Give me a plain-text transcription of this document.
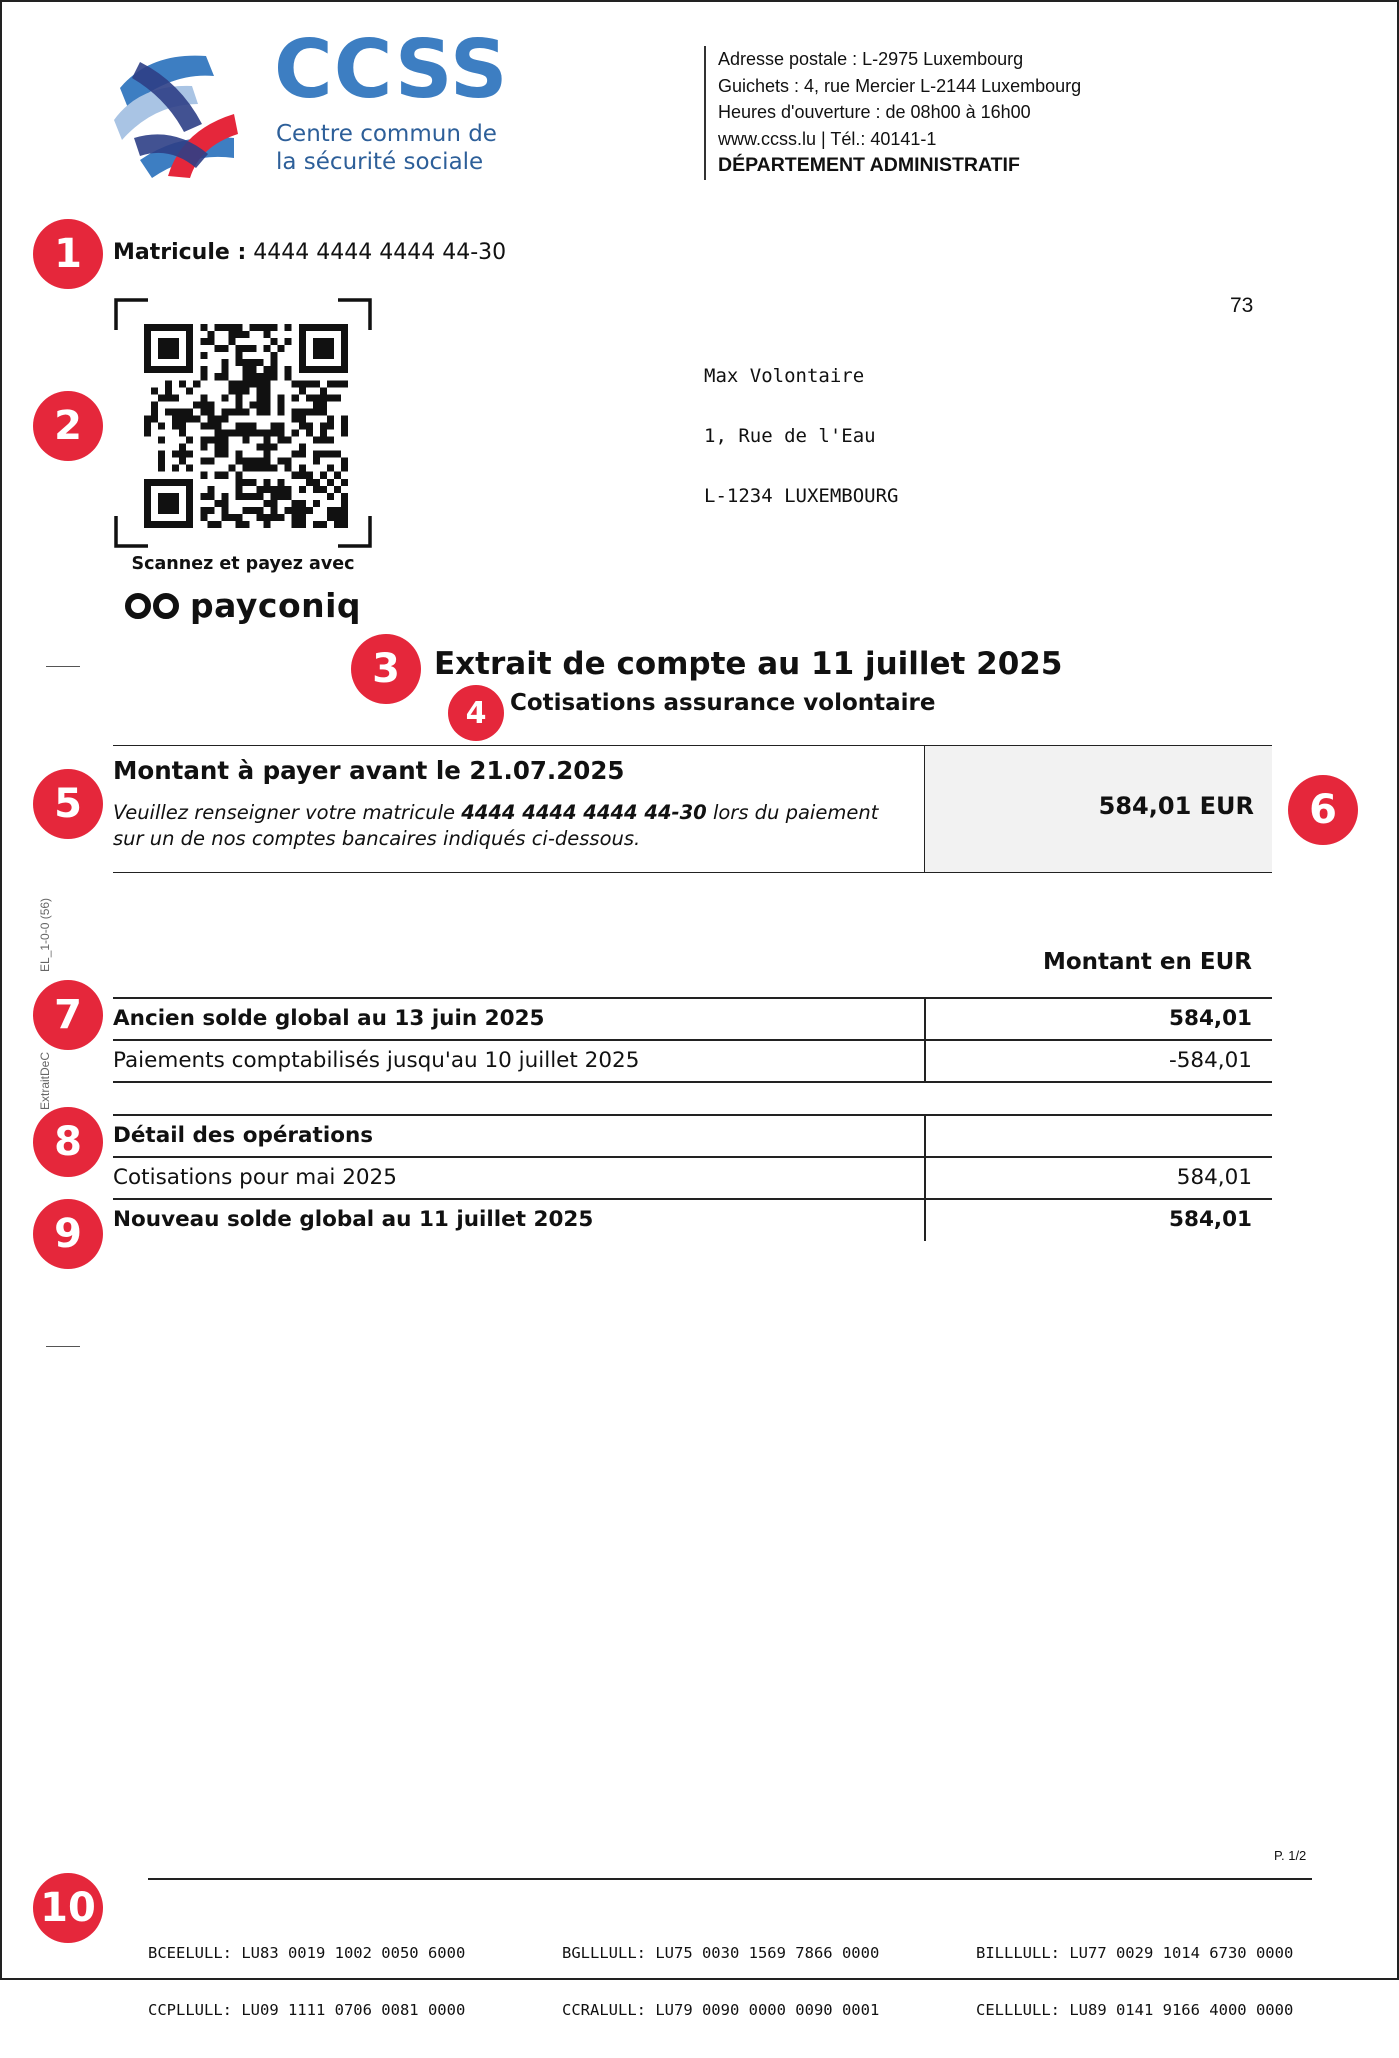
CCSS
Centre commun de
la sécurité sociale
Adresse postale : L-2975 Luxembourg
Guichets : 4, rue Mercier L-2144 Luxembourg
Heures d'ouverture : de 08h00 à 16h00
www.ccss.lu | Tél.: 40141-1
DÉPARTEMENT ADMINISTRATIF
1
2
3
4
5	6
7
8
9
10
Matricule : 4444 4444 4444 44-30
Scannez et payez avec
payconiq
73

Max Volontaire

1, Rue de l'Eau

L-1234 LUXEMBOURG

Extrait de compte au 11 juillet 2025
Cotisations assurance volontaire
Montant à payer avant le 21.07.2025
Veuillez renseigner votre matricule 4444 4444 4444 44-30 lors du paiement sur un de nos comptes bancaires indiqués ci-dessous.
584,01 EUR
Montant en EUR
Ancien solde global au 13 juin 2025	584,01
Paiements comptabilisés jusqu'au 10 juillet 2025	-584,01
Détail des opérations
Cotisations pour mai 2025	584,01
Nouveau solde global au 11 juillet 2025	584,01
ExtraitDeCEL_1-0-0 (56)
P. 1/2

BCEELULL: LU83 0019 1002 0050 6000

CCPLLULL: LU09 1111 0706 0081 0000

BGLLLULL: LU75 0030 1569 7866 0000

CCRALULL: LU79 0090 0000 0090 0001

BILLLULL: LU77 0029 1014 6730 0000

CELLLULL: LU89 0141 9166 4000 0000
